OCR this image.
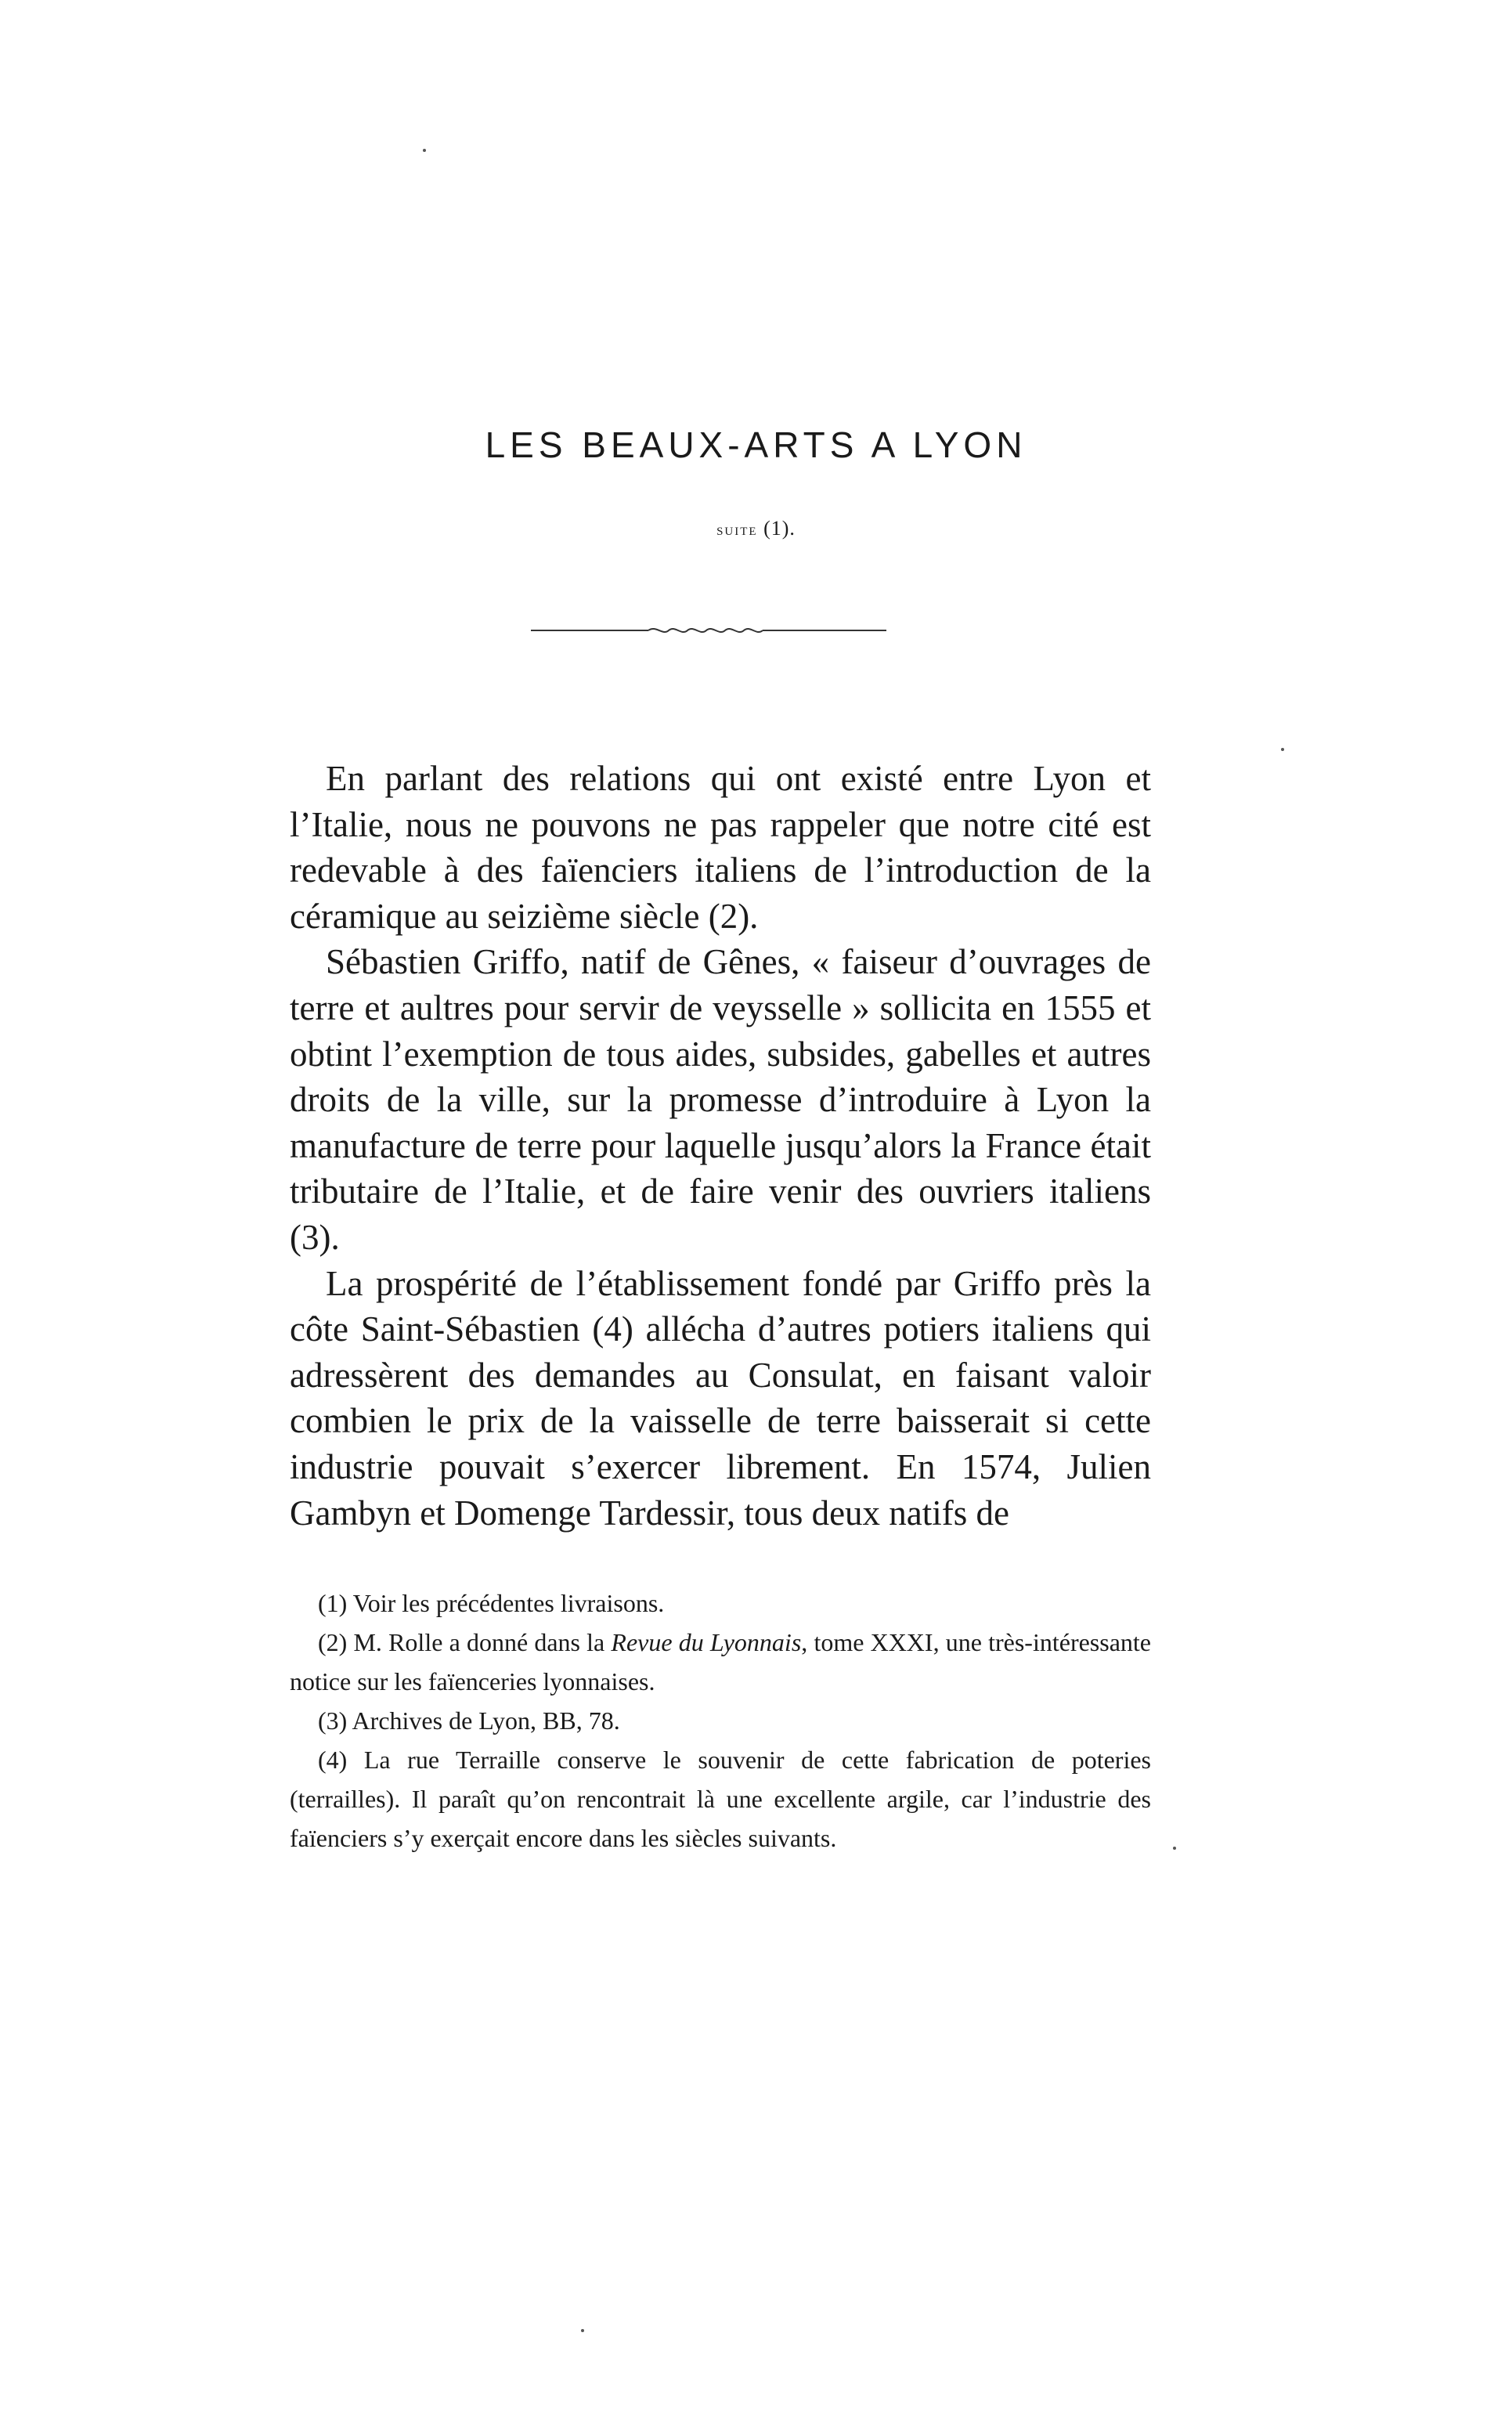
LES BEAUX-ARTS A LYON
suite (1).

En parlant des relations qui ont existé entre Lyon et l’Italie, nous ne pouvons ne pas rappeler que notre cité est redevable à des faïenciers italiens de l’introduction de la céramique au seizième siècle (2).

Sébastien Griffo, natif de Gênes, « faiseur d’ouvrages de terre et aultres pour servir de veysselle » sollicita en 1555 et obtint l’exemption de tous aides, subsides, gabelles et autres droits de la ville, sur la promesse d’introduire à Lyon la manufacture de terre pour laquelle jusqu’alors la France était tributaire de l’Italie, et de faire venir des ouvriers italiens (3).

La prospérité de l’établissement fondé par Griffo près la côte Saint-Sébastien (4) allécha d’autres potiers italiens qui adressèrent des demandes au Consulat, en faisant valoir combien le prix de la vaisselle de terre baisserait si cette industrie pouvait s’exercer librement. En 1574, Julien Gambyn et Domenge Tardessir, tous deux natifs de

(1) Voir les précédentes livraisons.

(2) M. Rolle a donné dans la Revue du Lyonnais, tome XXXI, une très-intéressante notice sur les faïenceries lyonnaises.

(3) Archives de Lyon, BB, 78.

(4) La rue Terraille conserve le souvenir de cette fabrication de poteries (terrailles). Il paraît qu’on rencontrait là une excellente argile, car l’industrie des faïenciers s’y exerçait encore dans les siècles suivants.
